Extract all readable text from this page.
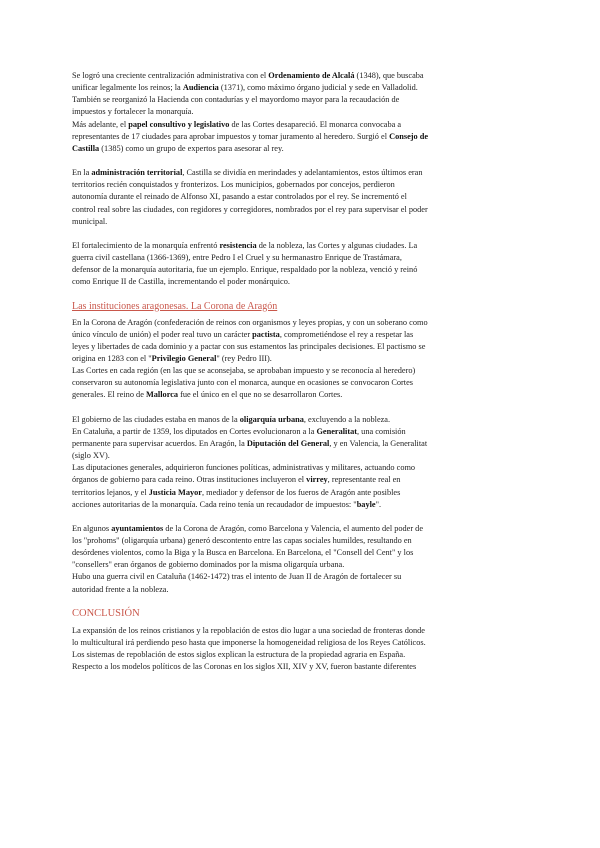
Se logró una creciente centralización administrativa con el Ordenamiento de Alcalá (1348), que buscaba
unificar legalmente los reinos; la Audiencia (1371), como máximo órgano judicial y sede en Valladolid.
También se reorganizó la Hacienda con contadurías y el mayordomo mayor para la recaudación de
impuestos y fortalecer la monarquía.
Más adelante, el papel consultivo y legislativo de las Cortes desapareció. El monarca convocaba a
representantes de 17 ciudades para aprobar impuestos y tomar juramento al heredero. Surgió el Consejo de
Castilla (1385) como un grupo de expertos para asesorar al rey.
En la administración territorial, Castilla se dividía en merindades y adelantamientos, estos últimos eran
territorios recién conquistados y fronterizos. Los municipios, gobernados por concejos, perdieron
autonomía durante el reinado de Alfonso XI, pasando a estar controlados por el rey. Se incrementó el
control real sobre las ciudades, con regidores y corregidores, nombrados por el rey para supervisar el poder
municipal.
El fortalecimiento de la monarquía enfrentó resistencia de la nobleza, las Cortes y algunas ciudades. La
guerra civil castellana (1366-1369), entre Pedro I el Cruel y su hermanastro Enrique de Trastámara,
defensor de la monarquía autoritaria, fue un ejemplo. Enrique, respaldado por la nobleza, venció y reinó
como Enrique II de Castilla, incrementando el poder monárquico.
Las instituciones aragonesas. La Corona de Aragón
En la Corona de Aragón (confederación de reinos con organismos y leyes propias, y con un soberano como
único vínculo de unión) el poder real tuvo un carácter pactista, comprometiéndose el rey a respetar las
leyes y libertades de cada dominio y a pactar con sus estamentos las principales decisiones. El pactismo se
origina en 1283 con el "Privilegio General" (rey Pedro III).
Las Cortes en cada región (en las que se aconsejaba, se aprobaban impuesto y se reconocía al heredero)
conservaron su autonomía legislativa junto con el monarca, aunque en ocasiones se convocaron Cortes
generales. El reino de Mallorca fue el único en el que no se desarrollaron Cortes.
El gobierno de las ciudades estaba en manos de la oligarquía urbana, excluyendo a la nobleza.
En Cataluña, a partir de 1359, los diputados en Cortes evolucionaron a la Generalitat, una comisión
permanente para supervisar acuerdos. En Aragón, la Diputación del General, y en Valencia, la Generalitat
(siglo XV).
Las diputaciones generales, adquirieron funciones políticas, administrativas y militares, actuando como
órganos de gobierno para cada reino. Otras instituciones incluyeron el virrey, representante real en
territorios lejanos, y el Justicia Mayor, mediador y defensor de los fueros de Aragón ante posibles
acciones autoritarias de la monarquía. Cada reino tenía un recaudador de impuestos: "bayle".
En algunos ayuntamientos de la Corona de Aragón, como Barcelona y Valencia, el aumento del poder de
los "prohoms" (oligarquía urbana) generó descontento entre las capas sociales humildes, resultando en
desórdenes violentos, como la Biga y la Busca en Barcelona. En Barcelona, el "Consell del Cent" y los
"consellers" eran órganos de gobierno dominados por la misma oligarquía urbana.
Hubo una guerra civil en Cataluña (1462-1472) tras el intento de Juan II de Aragón de fortalecer su
autoridad frente a la nobleza.
CONCLUSIÓN
La expansión de los reinos cristianos y la repoblación de estos dio lugar a una sociedad de fronteras donde
lo multicultural irá perdiendo peso hasta que imponerse la homogeneidad religiosa de los Reyes Católicos.
Los sistemas de repoblación de estos siglos explican la estructura de la propiedad agraria en España.
Respecto a los modelos políticos de las Coronas en los siglos XII, XIV y XV, fueron bastante diferentes
